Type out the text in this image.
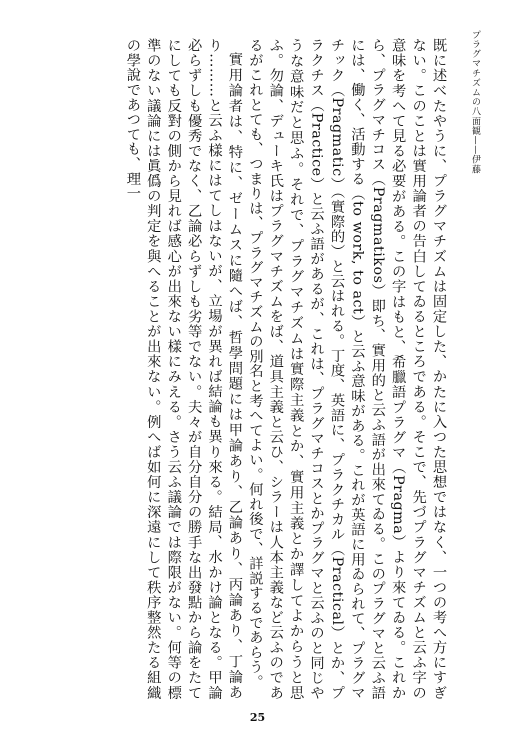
プラグマチズムの八面観——伊藤

既に述べたやうに、プラグマチズムは固定した、かたに入つた思想ではなく、一つの考へ方にすぎない。このことは實用論者の告白してゐるところである。そこで、先づプラグマチズムと云ふ字の意味を考へて見る必要がある。この字はもと、希臘語プラグマ（Pragma）より來てゐる。これから、プラグマチコス（Pragmatikos）即ち、實用的と云ふ語が出來てゐる。このプラグマと云ふ語には、働く、活動する（to work, to act）と云ふ意味がある。これが英語に用ゐられて、プラグマチック（Pragmatic）（實際的）と云はれる。丁度、英語に、プラクチカル（Practical）とか、プラクチス（Practice）と云ふ語があるが、これは、プラグマチコスとかプラグマと云ふのと同じやうな意味だと思ふ。それで、プラグマチズムは實際主義とか、實用主義とか譯してよからうと思ふ。勿論、デューキ氏はプラグマチズムをば、道具主義と云ひ、シラーは人本主義など云ふのであるがこれとても、つまりは、プラグマチズムの別名と考へてよい。何れ後で、詳説するであらう。

實用論者は、特に、ゼームスに隨へば、哲學問題には甲論あり、乙論あり、丙論あり、丁論あり………と云ふ樣にはてしはないが、立場が異れば結論も異り來る。結局、水かけ論となる。甲論必らずしも優秀でなく、乙論必らずしも劣等でない。夫々が自分自分の勝手な出發點から論をたてにしても反對の側から見れば感心が出來ない樣にみえる。さう云ふ議論では際限がない。何等の標準のない議論には眞僞の判定を與へることが出來ない。例へば如何に深遠にして秩序整然たる組織の學說であつても、理一

25
